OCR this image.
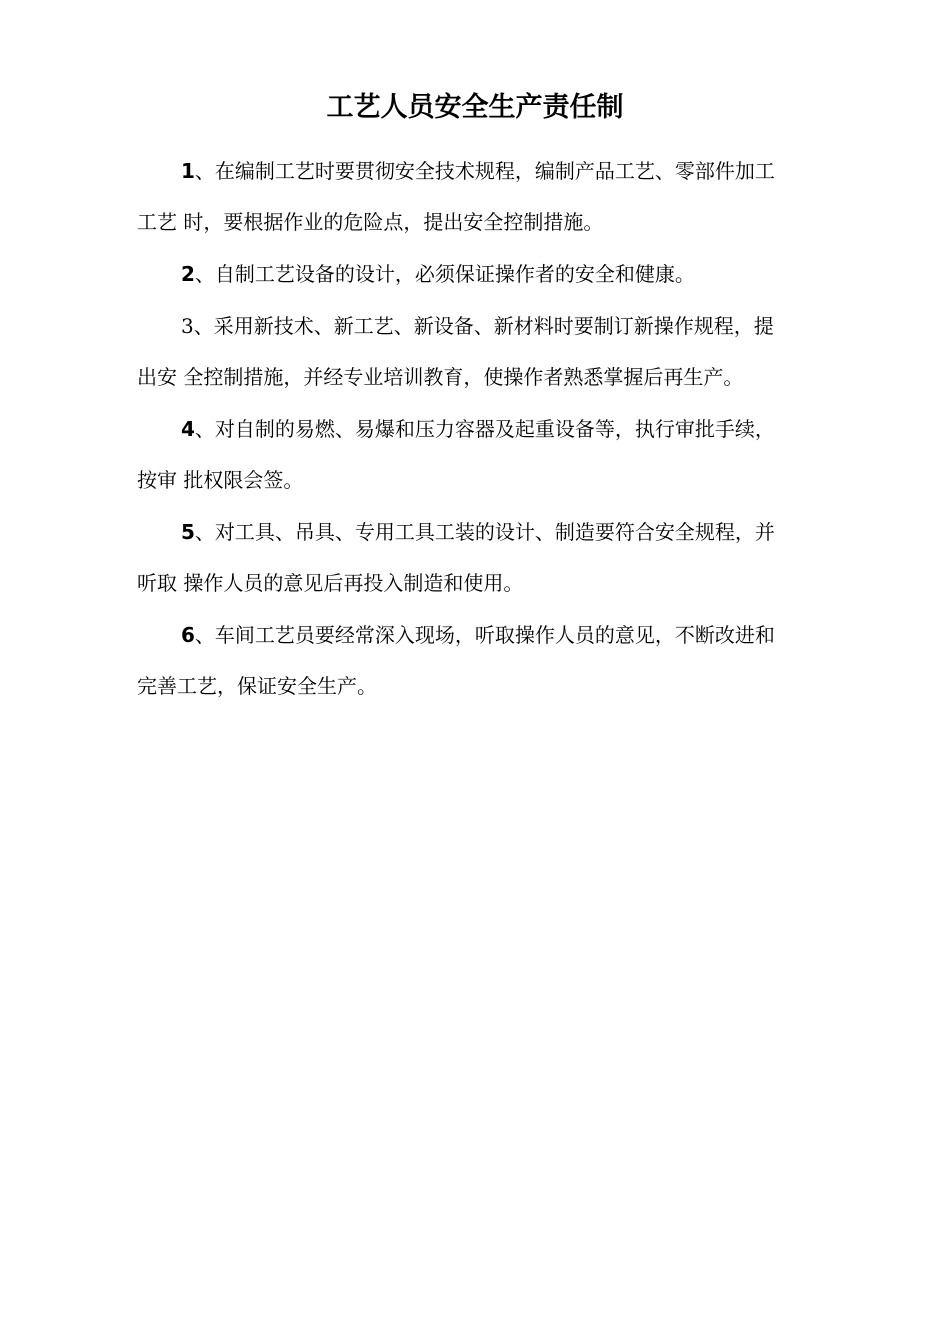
工艺人员安全生产责任制

1、在编制工艺时要贯彻安全技术规程，编制产品工艺、零部件加工
工艺 时，要根据作业的危险点，提出安全控制措施。

2、自制工艺设备的设计，必须保证操作者的安全和健康。

3、采用新技术、新工艺、新设备、新材料时要制订新操作规程，提
出安 全控制措施，并经专业培训教育，使操作者熟悉掌握后再生产。

4、对自制的易燃、易爆和压力容器及起重设备等，执行审批手续，
按审 批权限会签。

5、对工具、吊具、专用工具工装的设计、制造要符合安全规程，并
听取 操作人员的意见后再投入制造和使用。

6、车间工艺员要经常深入现场，听取操作人员的意见，不断改进和
完善工艺，保证安全生产。
